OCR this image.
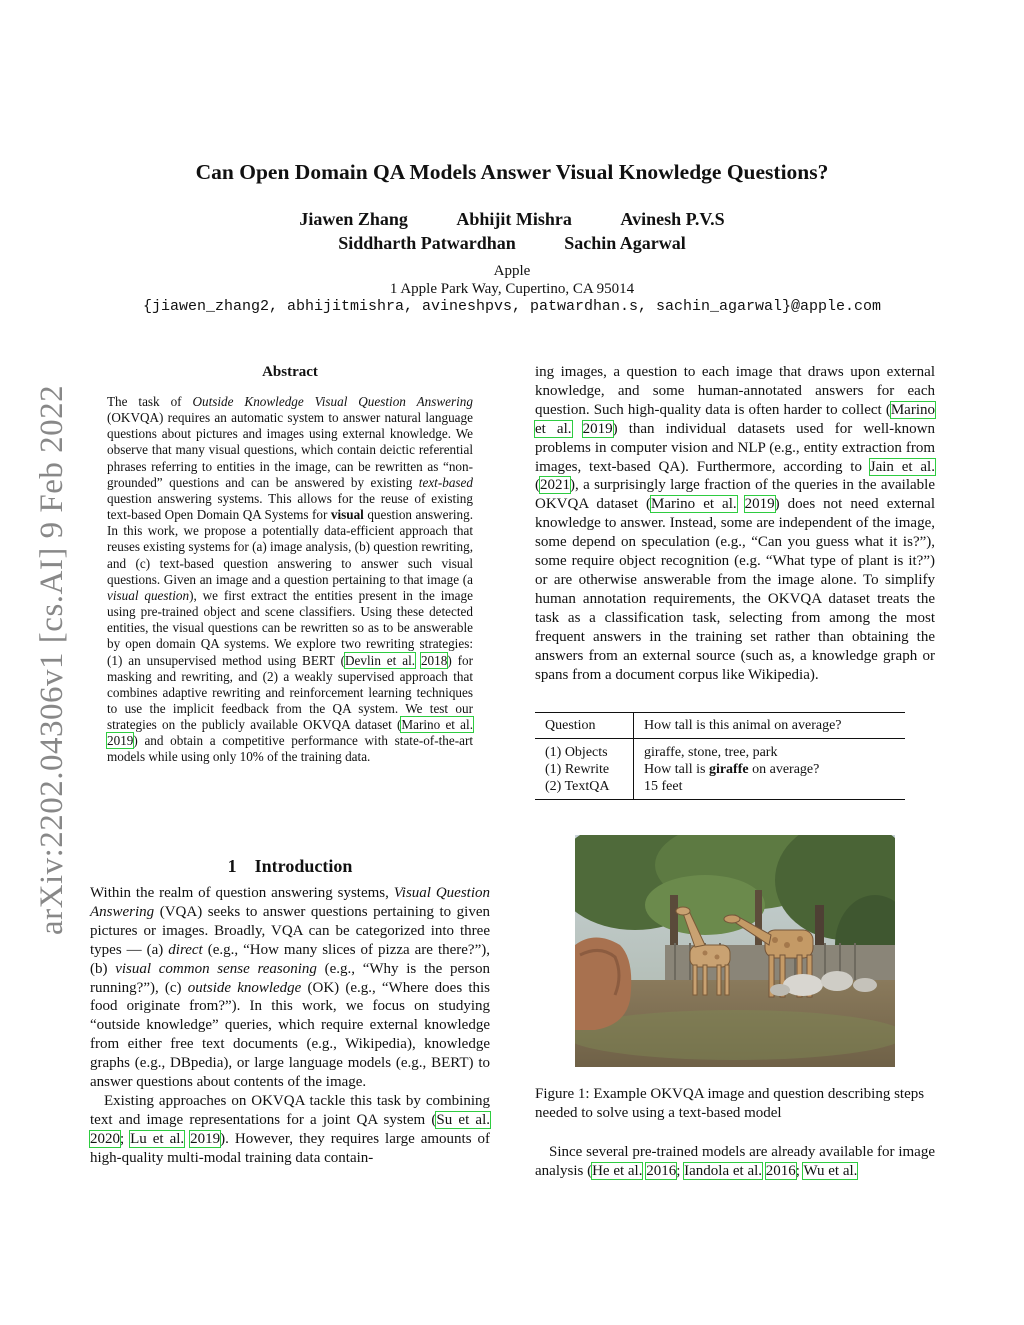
Can Open Domain QA Models Answer Visual Knowledge Questions?
Jiawen Zhang	Abhijit Mishra	Avinesh P.V.S
Siddharth Patwardhan	Sachin Agarwal
Apple
1 Apple Park Way, Cupertino, CA 95014
{jiawen_zhang2, abhijitmishra, avineshpvs, patwardhan.s, sachin_agarwal}@apple.com
arXiv:2202.04306v1 [cs.AI] 9 Feb 2022
Abstract
The task of Outside Knowledge Visual Question Answering (OKVQA) requires an automatic system to answer natural language questions about pictures and images using external knowledge. We observe that many visual questions, which contain deictic referential phrases referring to entities in the image, can be rewritten as “non-grounded” questions and can be answered by existing text-based question answering systems. This allows for the reuse of existing text-based Open Domain QA Systems for visual question answering. In this work, we propose a potentially data-efficient approach that reuses existing systems for (a) image analysis, (b) question rewriting, and (c) text-based question answering to answer such visual questions. Given an image and a question pertaining to that image (a visual question), we first extract the entities present in the image using pre-trained object and scene classifiers. Using these detected entities, the visual questions can be rewritten so as to be answerable by open domain QA systems. We explore two rewriting strategies: (1) an unsupervised method using BERT (Devlin et al. 2018) for masking and rewriting, and (2) a weakly supervised approach that combines adaptive rewriting and reinforcement learning techniques to use the implicit feedback from the QA system. We test our strategies on the publicly available OKVQA dataset (Marino et al. 2019) and obtain a competitive performance with state-of-the-art models while using only 10% of the training data.
1 Introduction

Within the realm of question answering systems, Visual Question Answering (VQA) seeks to answer questions pertaining to given pictures or images. Broadly, VQA can be categorized into three types — (a) direct (e.g., “How many slices of pizza are there?”), (b) visual common sense reasoning (e.g., “Why is the person running?”), (c) outside knowledge (OK) (e.g., “Where does this food originate from?”). In this work, we focus on studying “outside knowledge” queries, which require external knowledge from either free text documents (e.g., Wikipedia), knowledge graphs (e.g., DBpedia), or large language models (e.g., BERT) to answer questions about contents of the image.

Existing approaches on OKVQA tackle this task by combining text and image representations for a joint QA system (Su et al. 2020; Lu et al. 2019). However, they requires large amounts of high-quality multi-modal training data contain-

ing images, a question to each image that draws upon external knowledge, and some human-annotated answers for each question. Such high-quality data is often harder to collect (Marino et al. 2019) than individual datasets used for well-known problems in computer vision and NLP (e.g., entity extraction from images, text-based QA). Furthermore, according to Jain et al. (2021), a surprisingly large fraction of the queries in the available OKVQA dataset (Marino et al. 2019) does not need external knowledge to answer. Instead, some are independent of the image, some depend on speculation (e.g., “Can you guess what it is?”), some require object recognition (e.g. “What type of plant is it?”) or are otherwise answerable from the image alone. To simplify human annotation requirements, the OKVQA dataset treats the task as a classification task, selecting from among the most frequent answers in the training set rather than obtaining the answers from an external source (such as, a knowledge graph or spans from a document corpus like Wikipedia).

Question	How tall is this animal on average?
(1) Objects	giraffe, stone, tree, park
(1) Rewrite	How tall is giraffe on average?
(2) TextQA	15 feet
Figure 1: Example OKVQA image and question describing steps needed to solve using a text-based model

Since several pre-trained models are already available for image analysis (He et al. 2016; Iandola et al. 2016; Wu et al.
